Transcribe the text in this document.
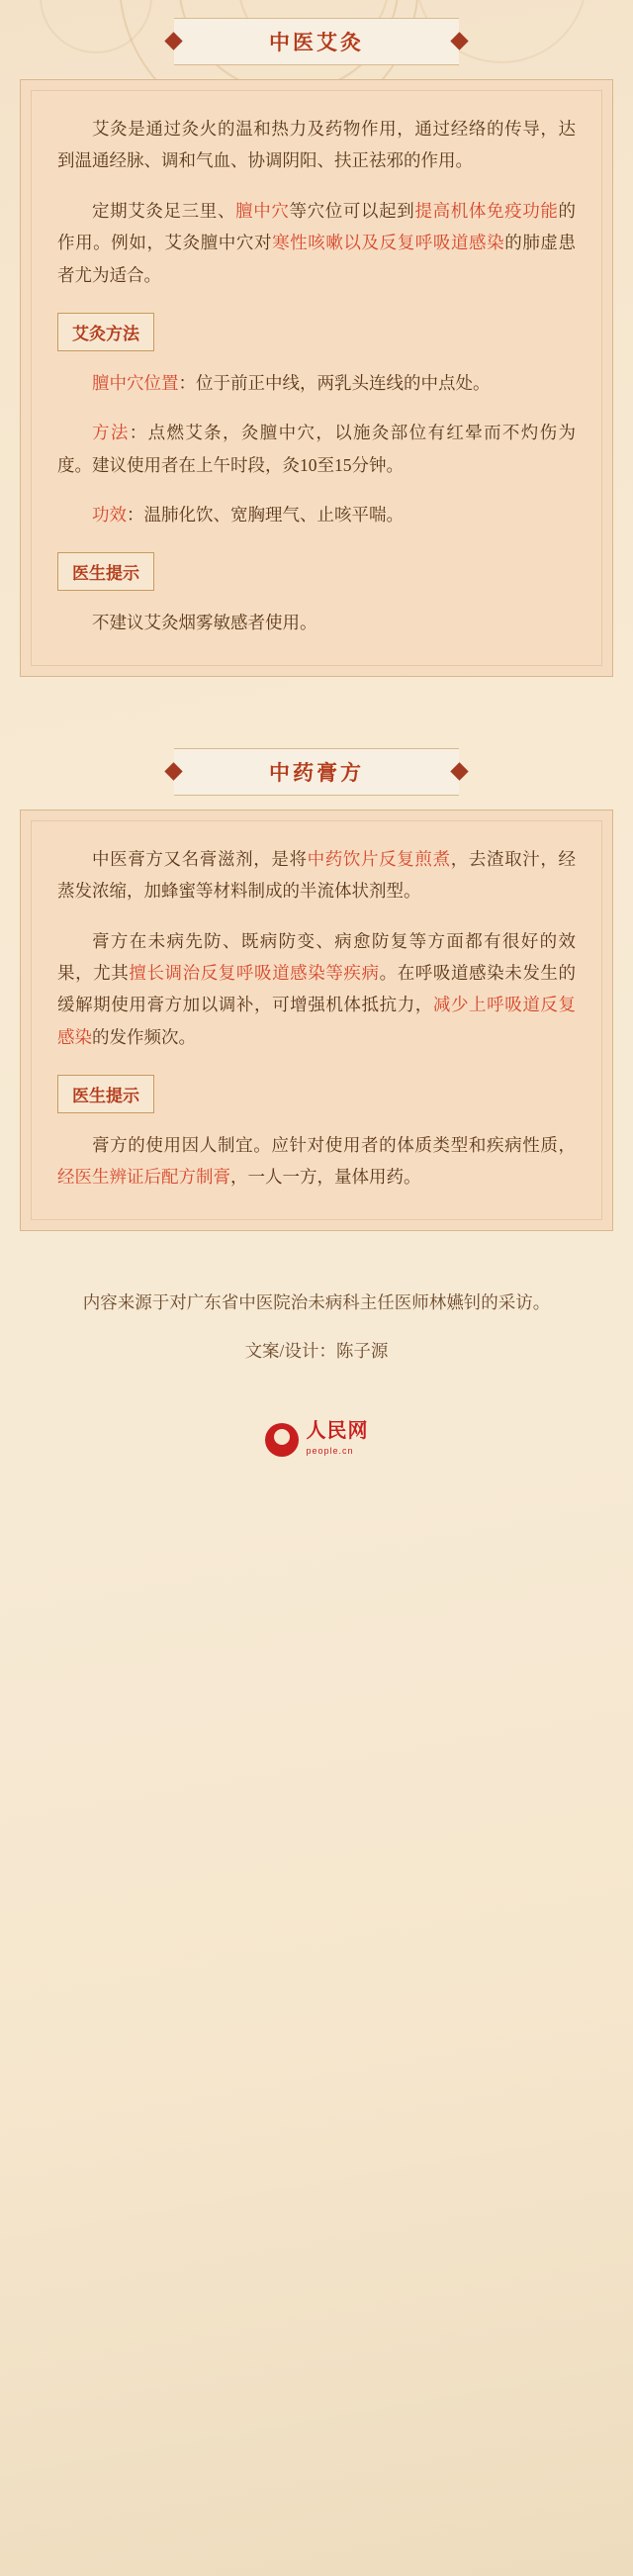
中医艾灸

艾灸是通过灸火的温和热力及药物作用，通过经络的传导，达到温通经脉、调和气血、协调阴阳、扶正祛邪的作用。

定期艾灸足三里、膻中穴等穴位可以起到提高机体免疫功能的作用。例如，艾灸膻中穴对寒性咳嗽以及反复呼吸道感染的肺虚患者尤为适合。

艾灸方法

膻中穴位置：位于前正中线，两乳头连线的中点处。

方法：点燃艾条，灸膻中穴，以施灸部位有红晕而不灼伤为度。建议使用者在上午时段，灸10至15分钟。

功效：温肺化饮、宽胸理气、止咳平喘。

医生提示

不建议艾灸烟雾敏感者使用。

中药膏方

中医膏方又名膏滋剂，是将中药饮片反复煎煮，去渣取汁，经蒸发浓缩，加蜂蜜等材料制成的半流体状剂型。

膏方在未病先防、既病防变、病愈防复等方面都有很好的效果，尤其擅长调治反复呼吸道感染等疾病。在呼吸道感染未发生的缓解期使用膏方加以调补，可增强机体抵抗力，减少上呼吸道反复感染的发作频次。

医生提示

膏方的使用因人制宜。应针对使用者的体质类型和疾病性质，经医生辨证后配方制膏，一人一方，量体用药。

内容来源于对广东省中医院治未病科主任医师林嬿钊的采访。
文案/设计：陈子源
人民网
people.cn
